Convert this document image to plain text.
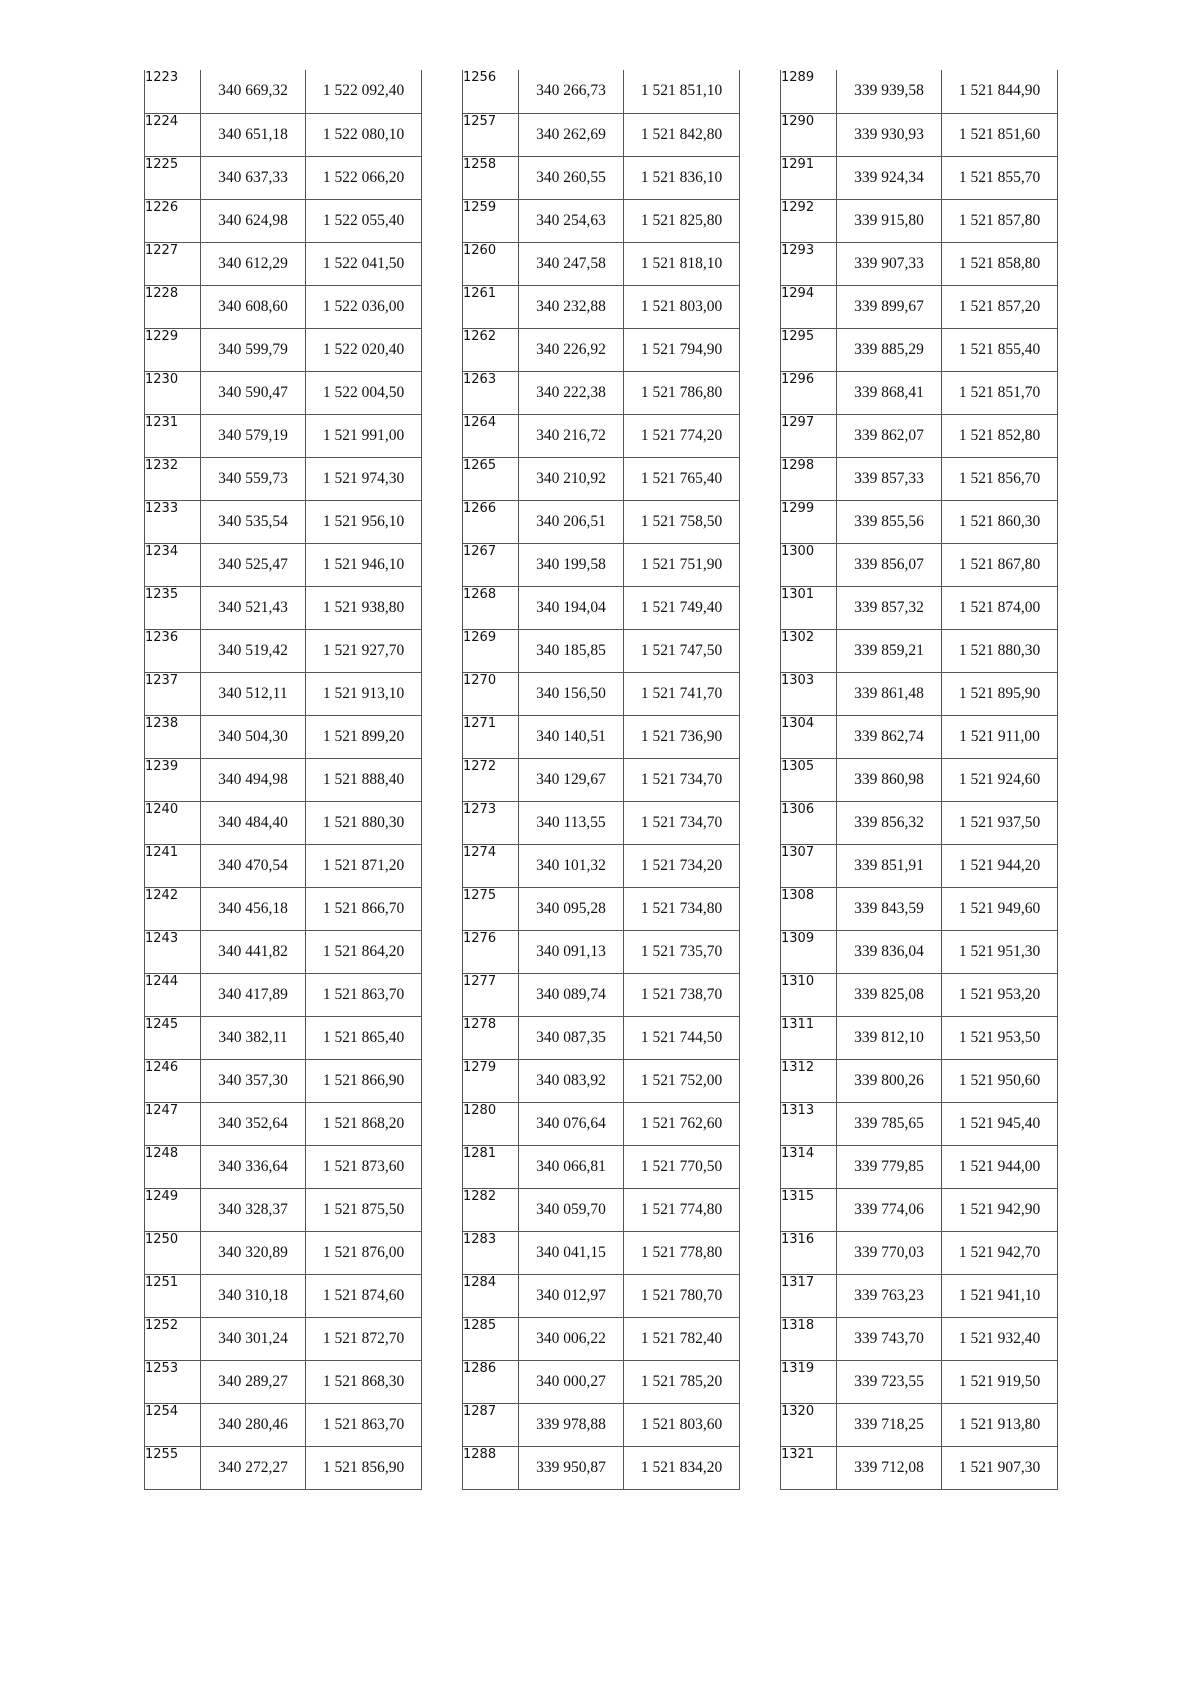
1223	340 669,32	1 522 092,40
1224	340 651,18	1 522 080,10
1225	340 637,33	1 522 066,20
1226	340 624,98	1 522 055,40
1227	340 612,29	1 522 041,50
1228	340 608,60	1 522 036,00
1229	340 599,79	1 522 020,40
1230	340 590,47	1 522 004,50
1231	340 579,19	1 521 991,00
1232	340 559,73	1 521 974,30
1233	340 535,54	1 521 956,10
1234	340 525,47	1 521 946,10
1235	340 521,43	1 521 938,80
1236	340 519,42	1 521 927,70
1237	340 512,11	1 521 913,10
1238	340 504,30	1 521 899,20
1239	340 494,98	1 521 888,40
1240	340 484,40	1 521 880,30
1241	340 470,54	1 521 871,20
1242	340 456,18	1 521 866,70
1243	340 441,82	1 521 864,20
1244	340 417,89	1 521 863,70
1245	340 382,11	1 521 865,40
1246	340 357,30	1 521 866,90
1247	340 352,64	1 521 868,20
1248	340 336,64	1 521 873,60
1249	340 328,37	1 521 875,50
1250	340 320,89	1 521 876,00
1251	340 310,18	1 521 874,60
1252	340 301,24	1 521 872,70
1253	340 289,27	1 521 868,30
1254	340 280,46	1 521 863,70
1255	340 272,27	1 521 856,90
1256	340 266,73	1 521 851,10
1257	340 262,69	1 521 842,80
1258	340 260,55	1 521 836,10
1259	340 254,63	1 521 825,80
1260	340 247,58	1 521 818,10
1261	340 232,88	1 521 803,00
1262	340 226,92	1 521 794,90
1263	340 222,38	1 521 786,80
1264	340 216,72	1 521 774,20
1265	340 210,92	1 521 765,40
1266	340 206,51	1 521 758,50
1267	340 199,58	1 521 751,90
1268	340 194,04	1 521 749,40
1269	340 185,85	1 521 747,50
1270	340 156,50	1 521 741,70
1271	340 140,51	1 521 736,90
1272	340 129,67	1 521 734,70
1273	340 113,55	1 521 734,70
1274	340 101,32	1 521 734,20
1275	340 095,28	1 521 734,80
1276	340 091,13	1 521 735,70
1277	340 089,74	1 521 738,70
1278	340 087,35	1 521 744,50
1279	340 083,92	1 521 752,00
1280	340 076,64	1 521 762,60
1281	340 066,81	1 521 770,50
1282	340 059,70	1 521 774,80
1283	340 041,15	1 521 778,80
1284	340 012,97	1 521 780,70
1285	340 006,22	1 521 782,40
1286	340 000,27	1 521 785,20
1287	339 978,88	1 521 803,60
1288	339 950,87	1 521 834,20
1289	339 939,58	1 521 844,90
1290	339 930,93	1 521 851,60
1291	339 924,34	1 521 855,70
1292	339 915,80	1 521 857,80
1293	339 907,33	1 521 858,80
1294	339 899,67	1 521 857,20
1295	339 885,29	1 521 855,40
1296	339 868,41	1 521 851,70
1297	339 862,07	1 521 852,80
1298	339 857,33	1 521 856,70
1299	339 855,56	1 521 860,30
1300	339 856,07	1 521 867,80
1301	339 857,32	1 521 874,00
1302	339 859,21	1 521 880,30
1303	339 861,48	1 521 895,90
1304	339 862,74	1 521 911,00
1305	339 860,98	1 521 924,60
1306	339 856,32	1 521 937,50
1307	339 851,91	1 521 944,20
1308	339 843,59	1 521 949,60
1309	339 836,04	1 521 951,30
1310	339 825,08	1 521 953,20
1311	339 812,10	1 521 953,50
1312	339 800,26	1 521 950,60
1313	339 785,65	1 521 945,40
1314	339 779,85	1 521 944,00
1315	339 774,06	1 521 942,90
1316	339 770,03	1 521 942,70
1317	339 763,23	1 521 941,10
1318	339 743,70	1 521 932,40
1319	339 723,55	1 521 919,50
1320	339 718,25	1 521 913,80
1321	339 712,08	1 521 907,30
